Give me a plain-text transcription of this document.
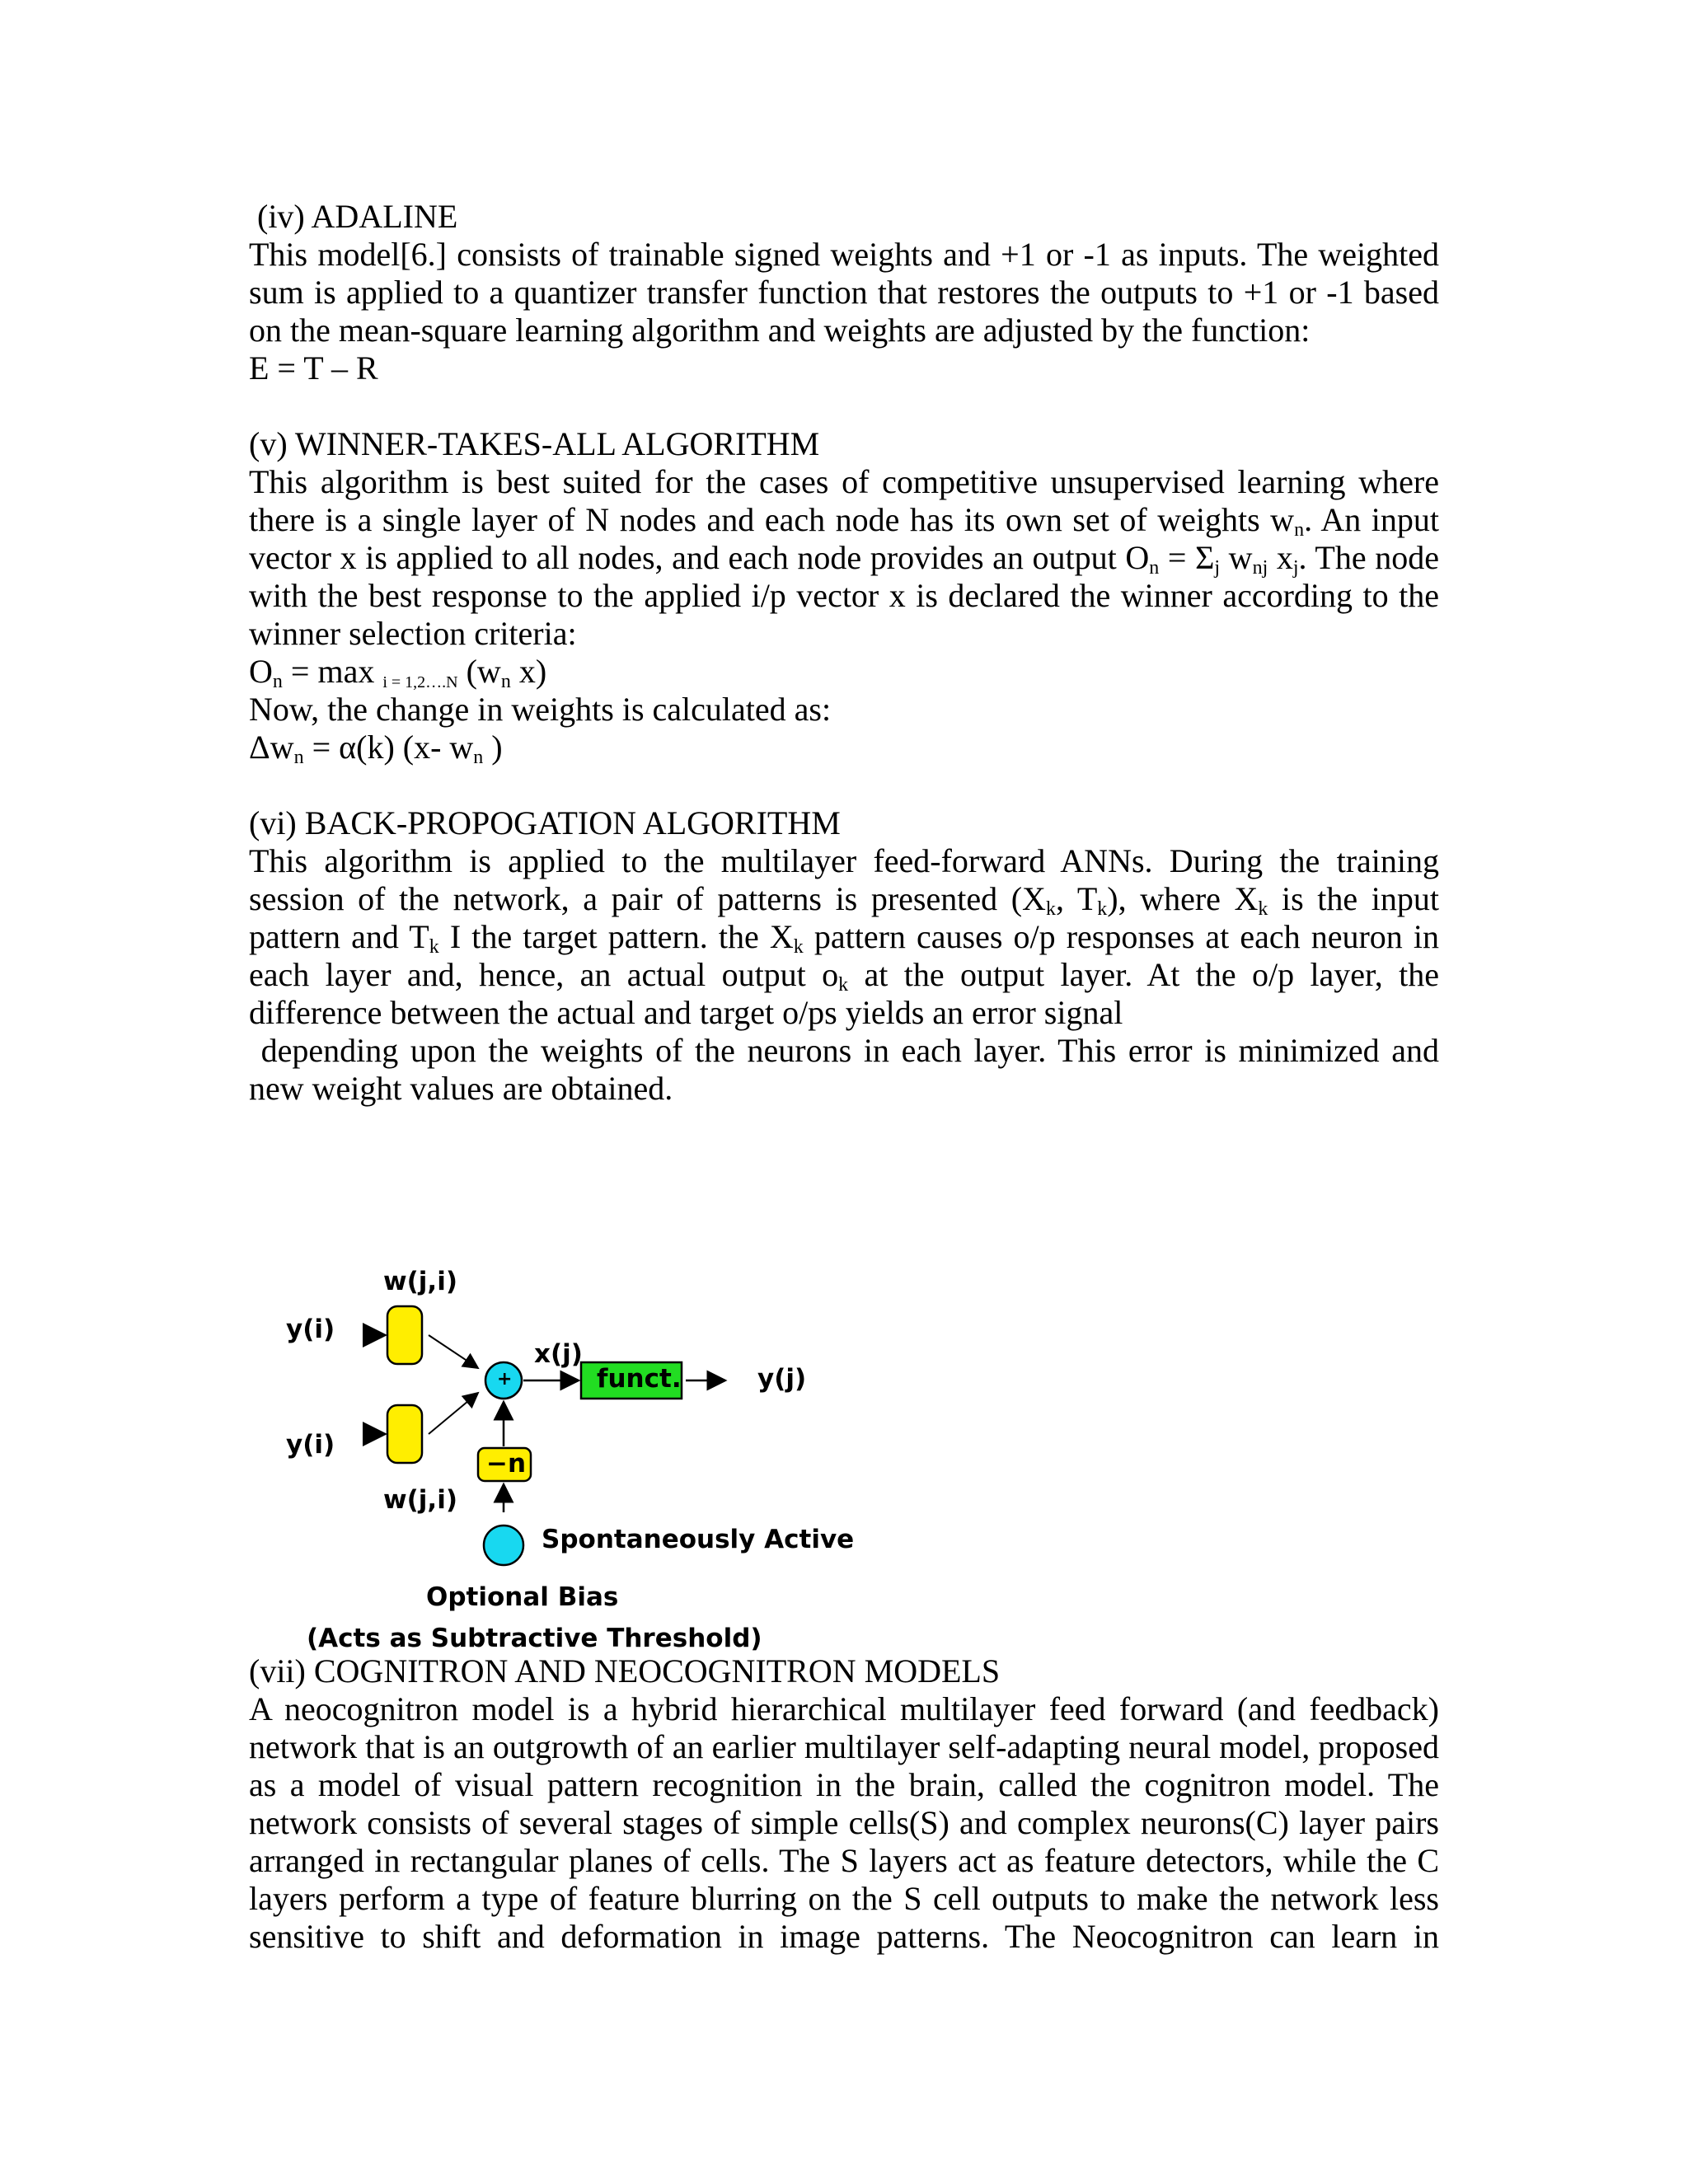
(iv) ADALINE

This model[6.] consists of trainable signed weights and +1 or -1 as inputs. The weighted sum is applied to a quantizer transfer function that restores the outputs to +1 or -1 based on the mean-square learning algorithm and weights are adjusted by the function:

E = T – R

(v) WINNER-TAKES-ALL ALGORITHM

This algorithm is best suited for the cases of competitive unsupervised learning where there is a single layer of N nodes and each node has its own set of weights $w_n$. An input vector x is applied to all nodes, and each node provides an output $O_n = \Sigma_j$ $w_{nj}$ $x_j$. The node with the best response to the applied i/p vector x is declared the winner according to the winner selection criteria:

$O_n = \max _{i = 1,2\dots.N}$ ($w_n$ x)

Now, the change in weights is calculated as:

$\Delta w_n = \alpha(k)$ (x- $w_n$ )

(vi) BACK-PROPOGATION ALGORITHM

This algorithm is applied to the multilayer feed-forward ANNs. During the training session of the network, a pair of patterns is presented ($X_k$, $T_k$), where $X_k$ is the input pattern and $T_k$ I the target pattern. the $X_k$ pattern causes o/p responses at each neuron in each layer and, hence, an actual output $o_k$ at the output layer. At the o/p layer, the difference between the actual and target o/ps yields an error signal

depending upon the weights of the neurons in each layer. This error is minimized and new weight values are obtained.

w(j,i)
y(i)
x(j)
+	funct.	y(j)
y(i)
−n
w(j,i)
Spontaneously Active
Optional Bias
(Acts as Subtractive Threshold)

(vii) COGNITRON AND NEOCOGNITRON MODELS

A neocognitron model is a hybrid hierarchical multilayer feed forward (and feedback) network that is an outgrowth of an earlier multilayer self-adapting neural model, proposed as a model of visual pattern recognition in the brain, called the cognitron model. The network consists of several stages of simple cells(S) and complex neurons(C) layer pairs arranged in rectangular planes of cells. The S layers act as feature detectors, while the C layers perform a type of feature blurring on the S cell outputs to make the network less sensitive to shift and deformation in image patterns. The Neocognitron can learn in
